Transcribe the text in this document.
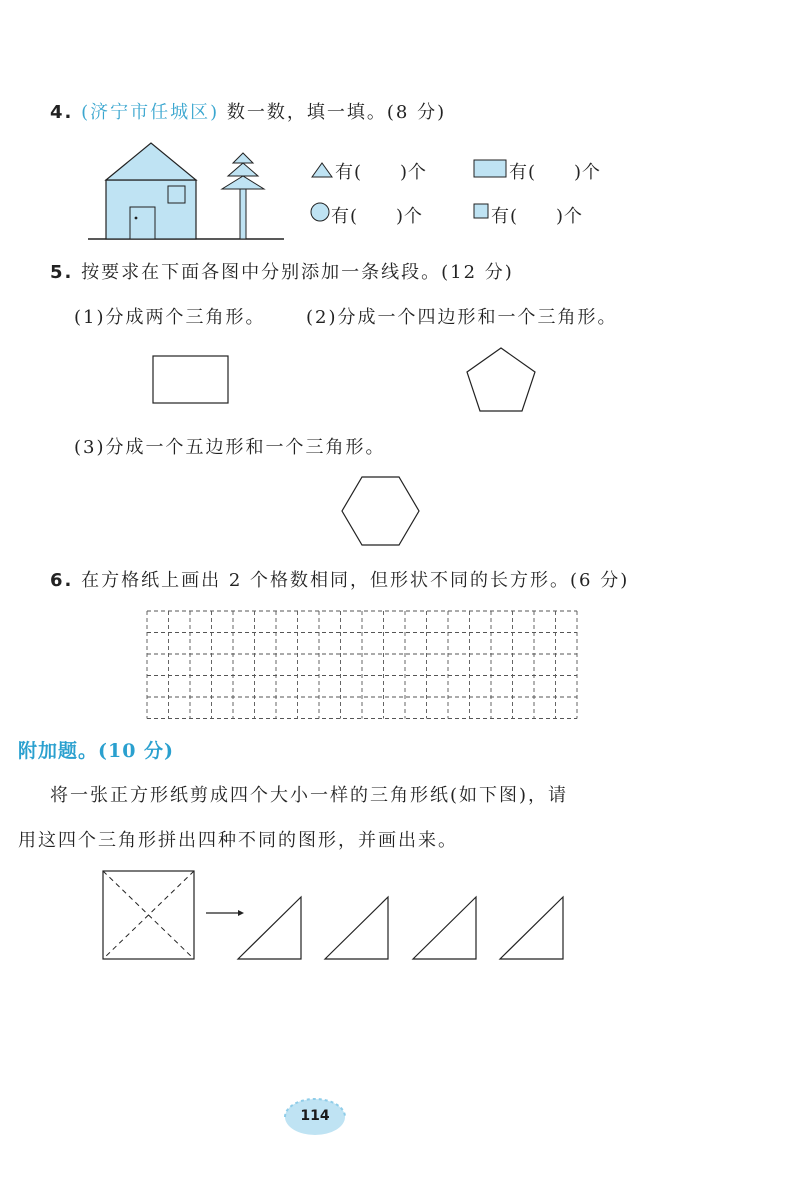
4. (济宁市任城区) 数一数，填一填。(8 分)
有(　　)个	有(　　)个
有(　　)个	有(　　)个
5. 按要求在下面各图中分别添加一条线段。(12 分)
(1)分成两个三角形。 (2)分成一个四边形和一个三角形。
(3)分成一个五边形和一个三角形。
6. 在方格纸上画出 2 个格数相同，但形状不同的长方形。(6 分)
附加题。(10 分)
将一张正方形纸剪成四个大小一样的三角形纸(如下图)，请
用这四个三角形拼出四种不同的图形，并画出来。
114
